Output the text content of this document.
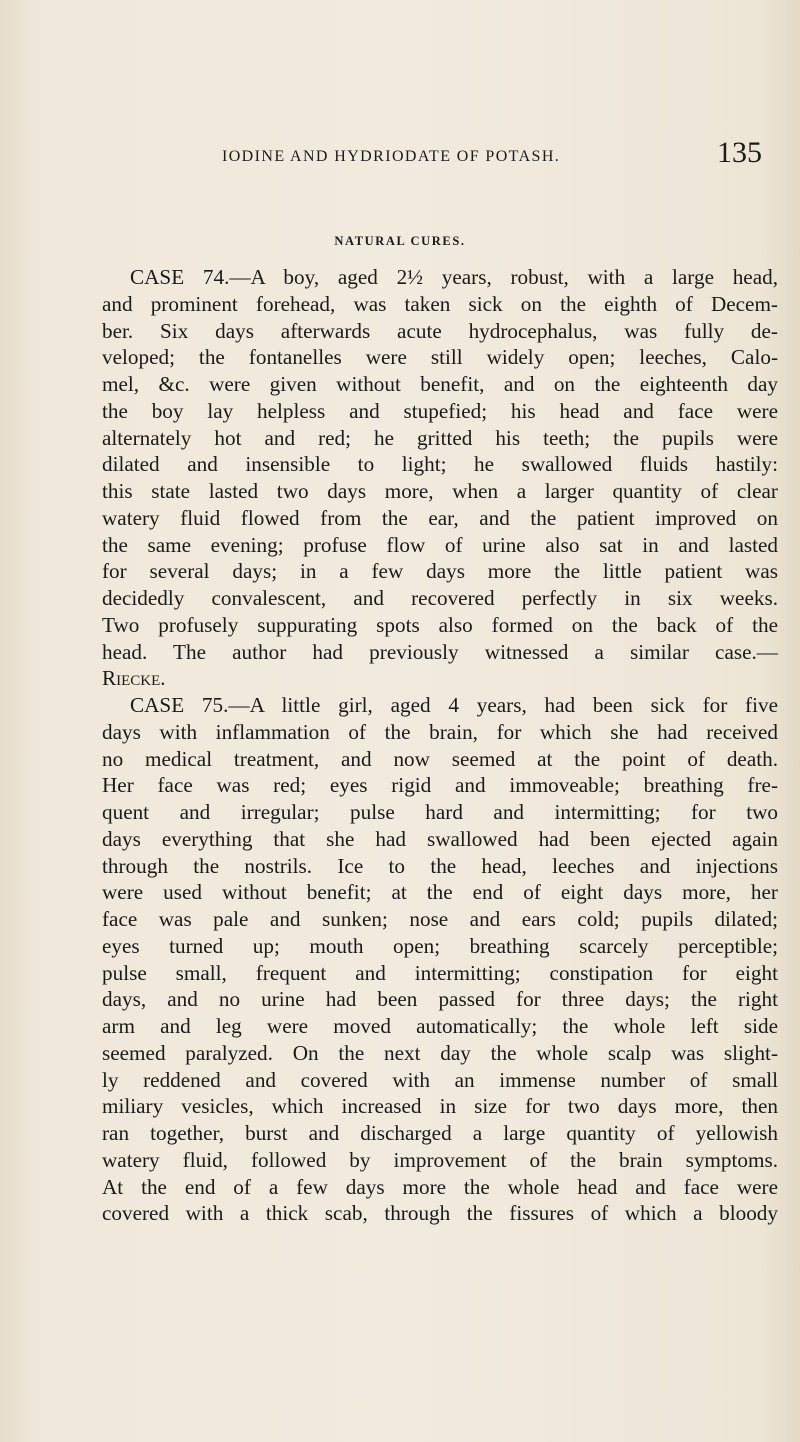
IODINE AND HYDRIODATE OF POTASH.	135
NATURAL CURES.
CASE 74.—A boy, aged 2½ years, robust, with a large head,
and prominent forehead, was taken sick on the eighth of Decem-
ber. Six days afterwards acute hydrocephalus, was fully de-
veloped; the fontanelles were still widely open; leeches, Calo-
mel, &c. were given without benefit, and on the eighteenth day
the boy lay helpless and stupefied; his head and face were
alternately hot and red; he gritted his teeth; the pupils were
dilated and insensible to light; he swallowed fluids hastily:
this state lasted two days more, when a larger quantity of clear
watery fluid flowed from the ear, and the patient improved on
the same evening; profuse flow of urine also sat in and lasted
for several days; in a few days more the little patient was
decidedly convalescent, and recovered perfectly in six weeks.
Two profusely suppurating spots also formed on the back of the
head. The author had previously witnessed a similar case.—
Riecke.
CASE 75.—A little girl, aged 4 years, had been sick for five
days with inflammation of the brain, for which she had received
no medical treatment, and now seemed at the point of death.
Her face was red; eyes rigid and immoveable; breathing fre-
quent and irregular; pulse hard and intermitting; for two
days everything that she had swallowed had been ejected again
through the nostrils. Ice to the head, leeches and injections
were used without benefit; at the end of eight days more, her
face was pale and sunken; nose and ears cold; pupils dilated;
eyes turned up; mouth open; breathing scarcely perceptible;
pulse small, frequent and intermitting; constipation for eight
days, and no urine had been passed for three days; the right
arm and leg were moved automatically; the whole left side
seemed paralyzed. On the next day the whole scalp was slight-
ly reddened and covered with an immense number of small
miliary vesicles, which increased in size for two days more, then
ran together, burst and discharged a large quantity of yellowish
watery fluid, followed by improvement of the brain symptoms.
At the end of a few days more the whole head and face were
covered with a thick scab, through the fissures of which a bloody
